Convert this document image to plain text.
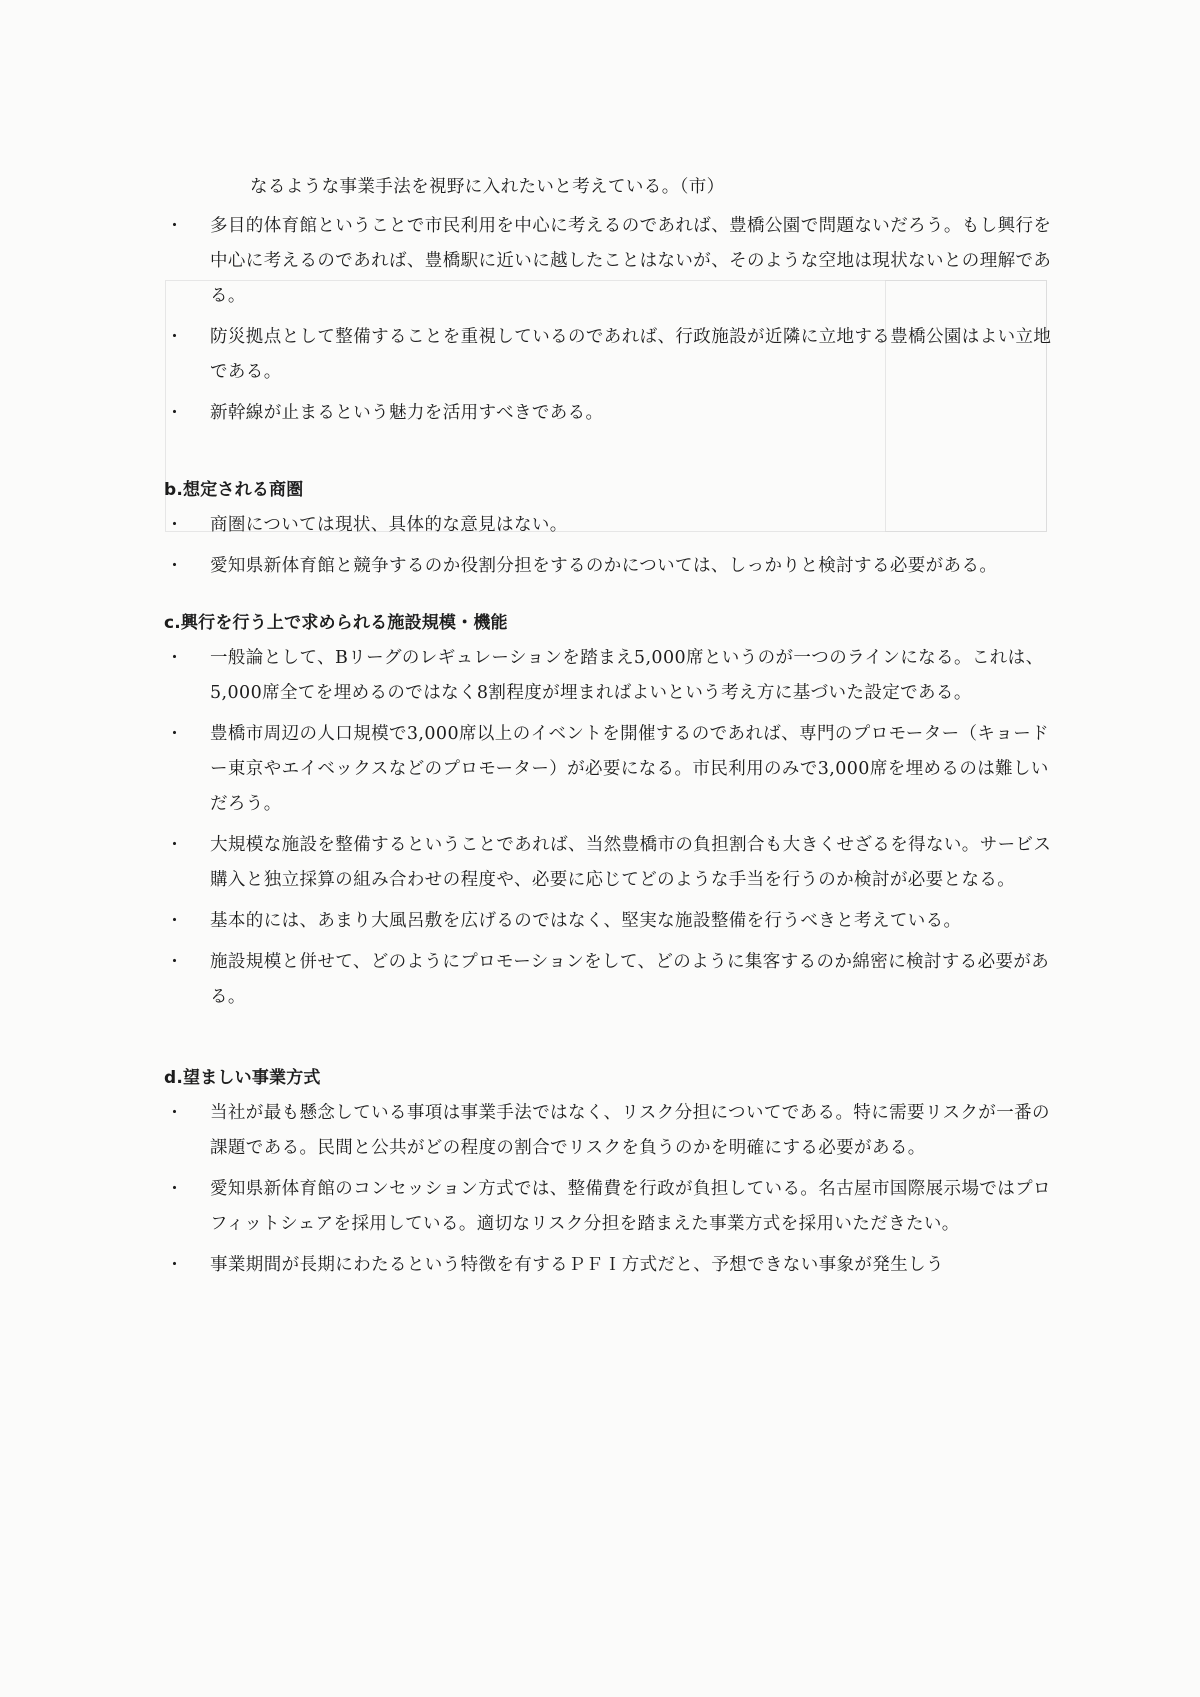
なるような事業手法を視野に入れたいと考えている。（市）

・ 多目的体育館ということで市民利用を中心に考えるのであれば、豊橋公園で問題ないだろう。もし興行を中心に考えるのであれば、豊橋駅に近いに越したことはないが、そのような空地は現状ないとの理解である。

・ 防災拠点として整備することを重視しているのであれば、行政施設が近隣に立地する豊橋公園はよい立地である。

・ 新幹線が止まるという魅力を活用すべきである。

b.想定される商圏

・ 商圏については現状、具体的な意見はない。

・ 愛知県新体育館と競争するのか役割分担をするのかについては、しっかりと検討する必要がある。

c.興行を行う上で求められる施設規模・機能

・ 一般論として、Bリーグのレギュレーションを踏まえ5,000席というのが一つのラインになる。これは、5,000席全てを埋めるのではなく8割程度が埋まればよいという考え方に基づいた設定である。

・ 豊橋市周辺の人口規模で3,000席以上のイベントを開催するのであれば、専門のプロモーター（キョードー東京やエイベックスなどのプロモーター）が必要になる。市民利用のみで3,000席を埋めるのは難しいだろう。

・ 大規模な施設を整備するということであれば、当然豊橋市の負担割合も大きくせざるを得ない。サービス購入と独立採算の組み合わせの程度や、必要に応じてどのような手当を行うのか検討が必要となる。

・ 基本的には、あまり大風呂敷を広げるのではなく、堅実な施設整備を行うべきと考えている。

・ 施設規模と併せて、どのようにプロモーションをして、どのように集客するのか綿密に検討する必要がある。

d.望ましい事業方式

・ 当社が最も懸念している事項は事業手法ではなく、リスク分担についてである。特に需要リスクが一番の課題である。民間と公共がどの程度の割合でリスクを負うのかを明確にする必要がある。

・ 愛知県新体育館のコンセッション方式では、整備費を行政が負担している。名古屋市国際展示場ではプロフィットシェアを採用している。適切なリスク分担を踏まえた事業方式を採用いただきたい。

・ 事業期間が長期にわたるという特徴を有するＰＦＩ方式だと、予想できない事象が発生しう
